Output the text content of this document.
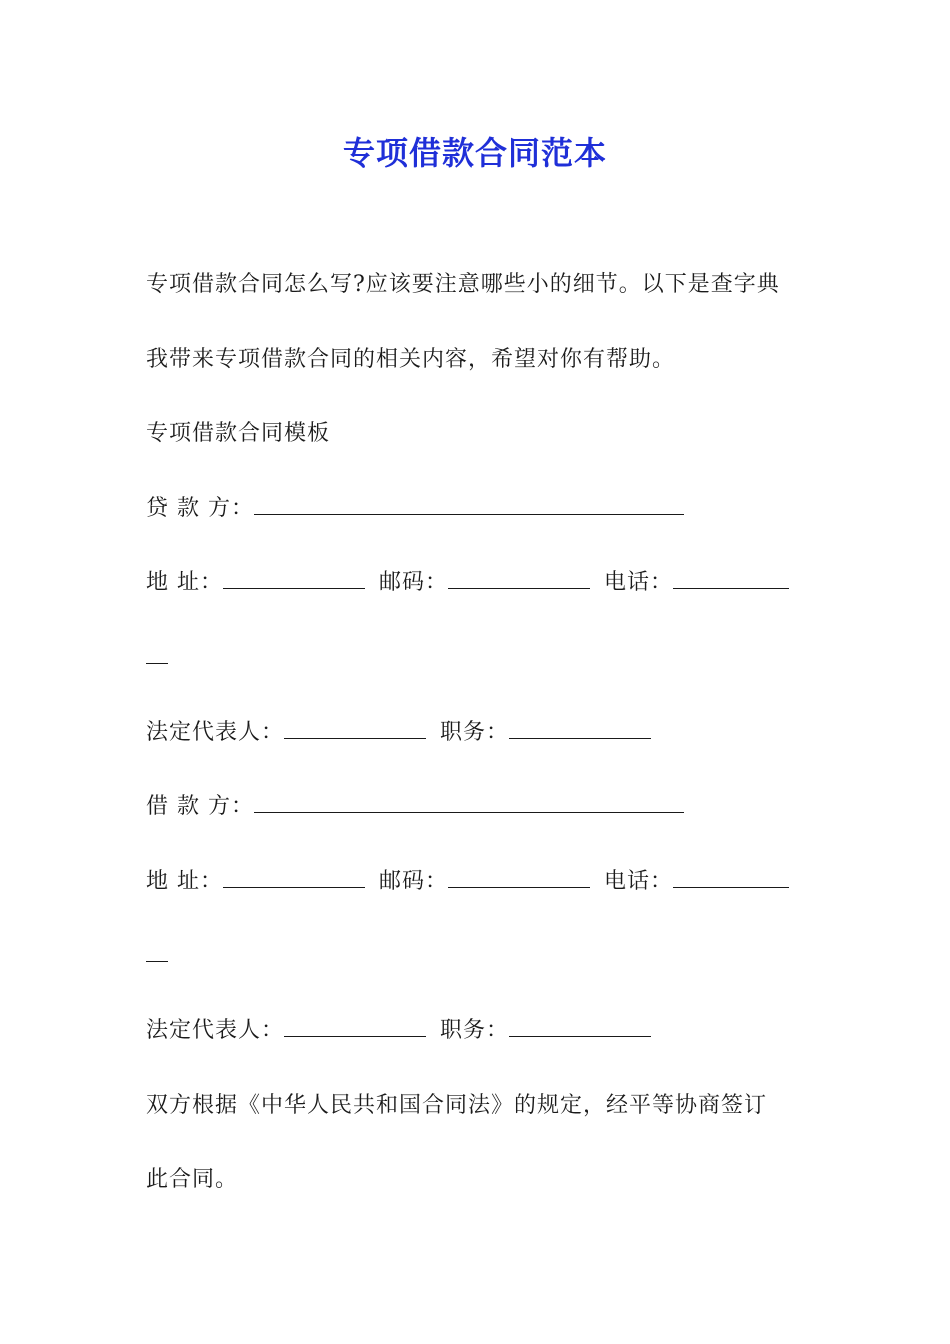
专项借款合同范本
专项借款合同怎么写?应该要注意哪些小的细节。以下是查字典
我带来专项借款合同的相关内容，希望对你有帮助。
专项借款合同模板
贷 款 方：
地 址：	邮码：	电话：
法定代表人：	职务：
借 款 方：
地 址：	邮码：	电话：
法定代表人：	职务：
双方根据《中华人民共和国合同法》的规定，经平等协商签订
此合同。
